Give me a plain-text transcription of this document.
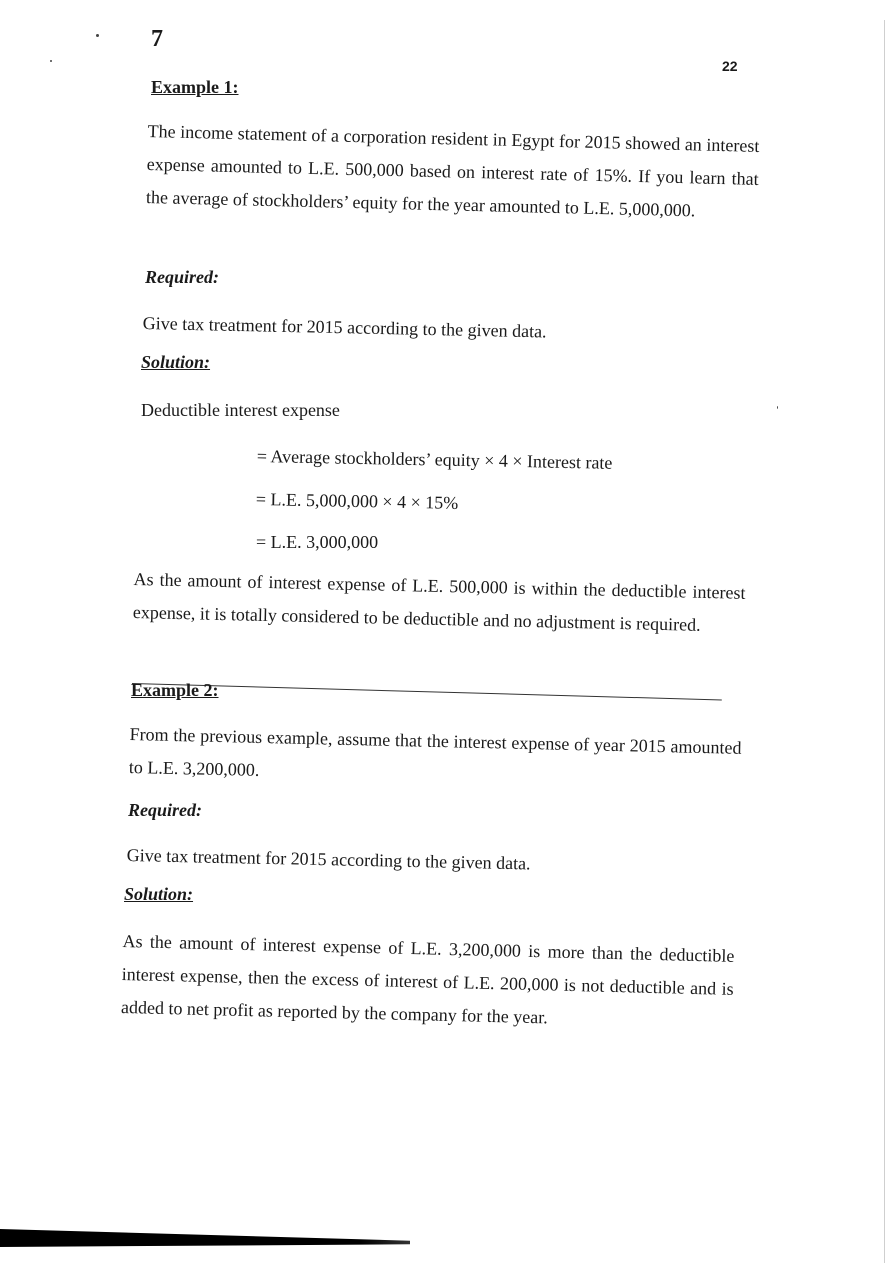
7
22
Example 1:
The income statement of a corporation resident in Egypt for 2015 showed an interest expense amounted to L.E. 500,000 based on interest rate of 15%. If you learn that the average of stockholders’ equity for the year amounted to L.E. 5,000,000.
Required:
Give tax treatment for 2015 according to the given data.
Solution:
Deductible interest expense
= Average stockholders’ equity × 4 × Interest rate
= L.E. 5,000,000 × 4 × 15%
= L.E. 3,000,000
As the amount of interest expense of L.E. 500,000 is within the deductible interest expense, it is totally considered to be deductible and no adjustment is required.
Example 2:
From the previous example, assume that the interest expense of year 2015 amounted to L.E. 3,200,000.
Required:
Give tax treatment for 2015 according to the given data.
Solution:
As the amount of interest expense of L.E. 3,200,000 is more than the deductible interest expense, then the excess of interest of L.E. 200,000 is not deductible and is added to net profit as reported by the company for the year.
